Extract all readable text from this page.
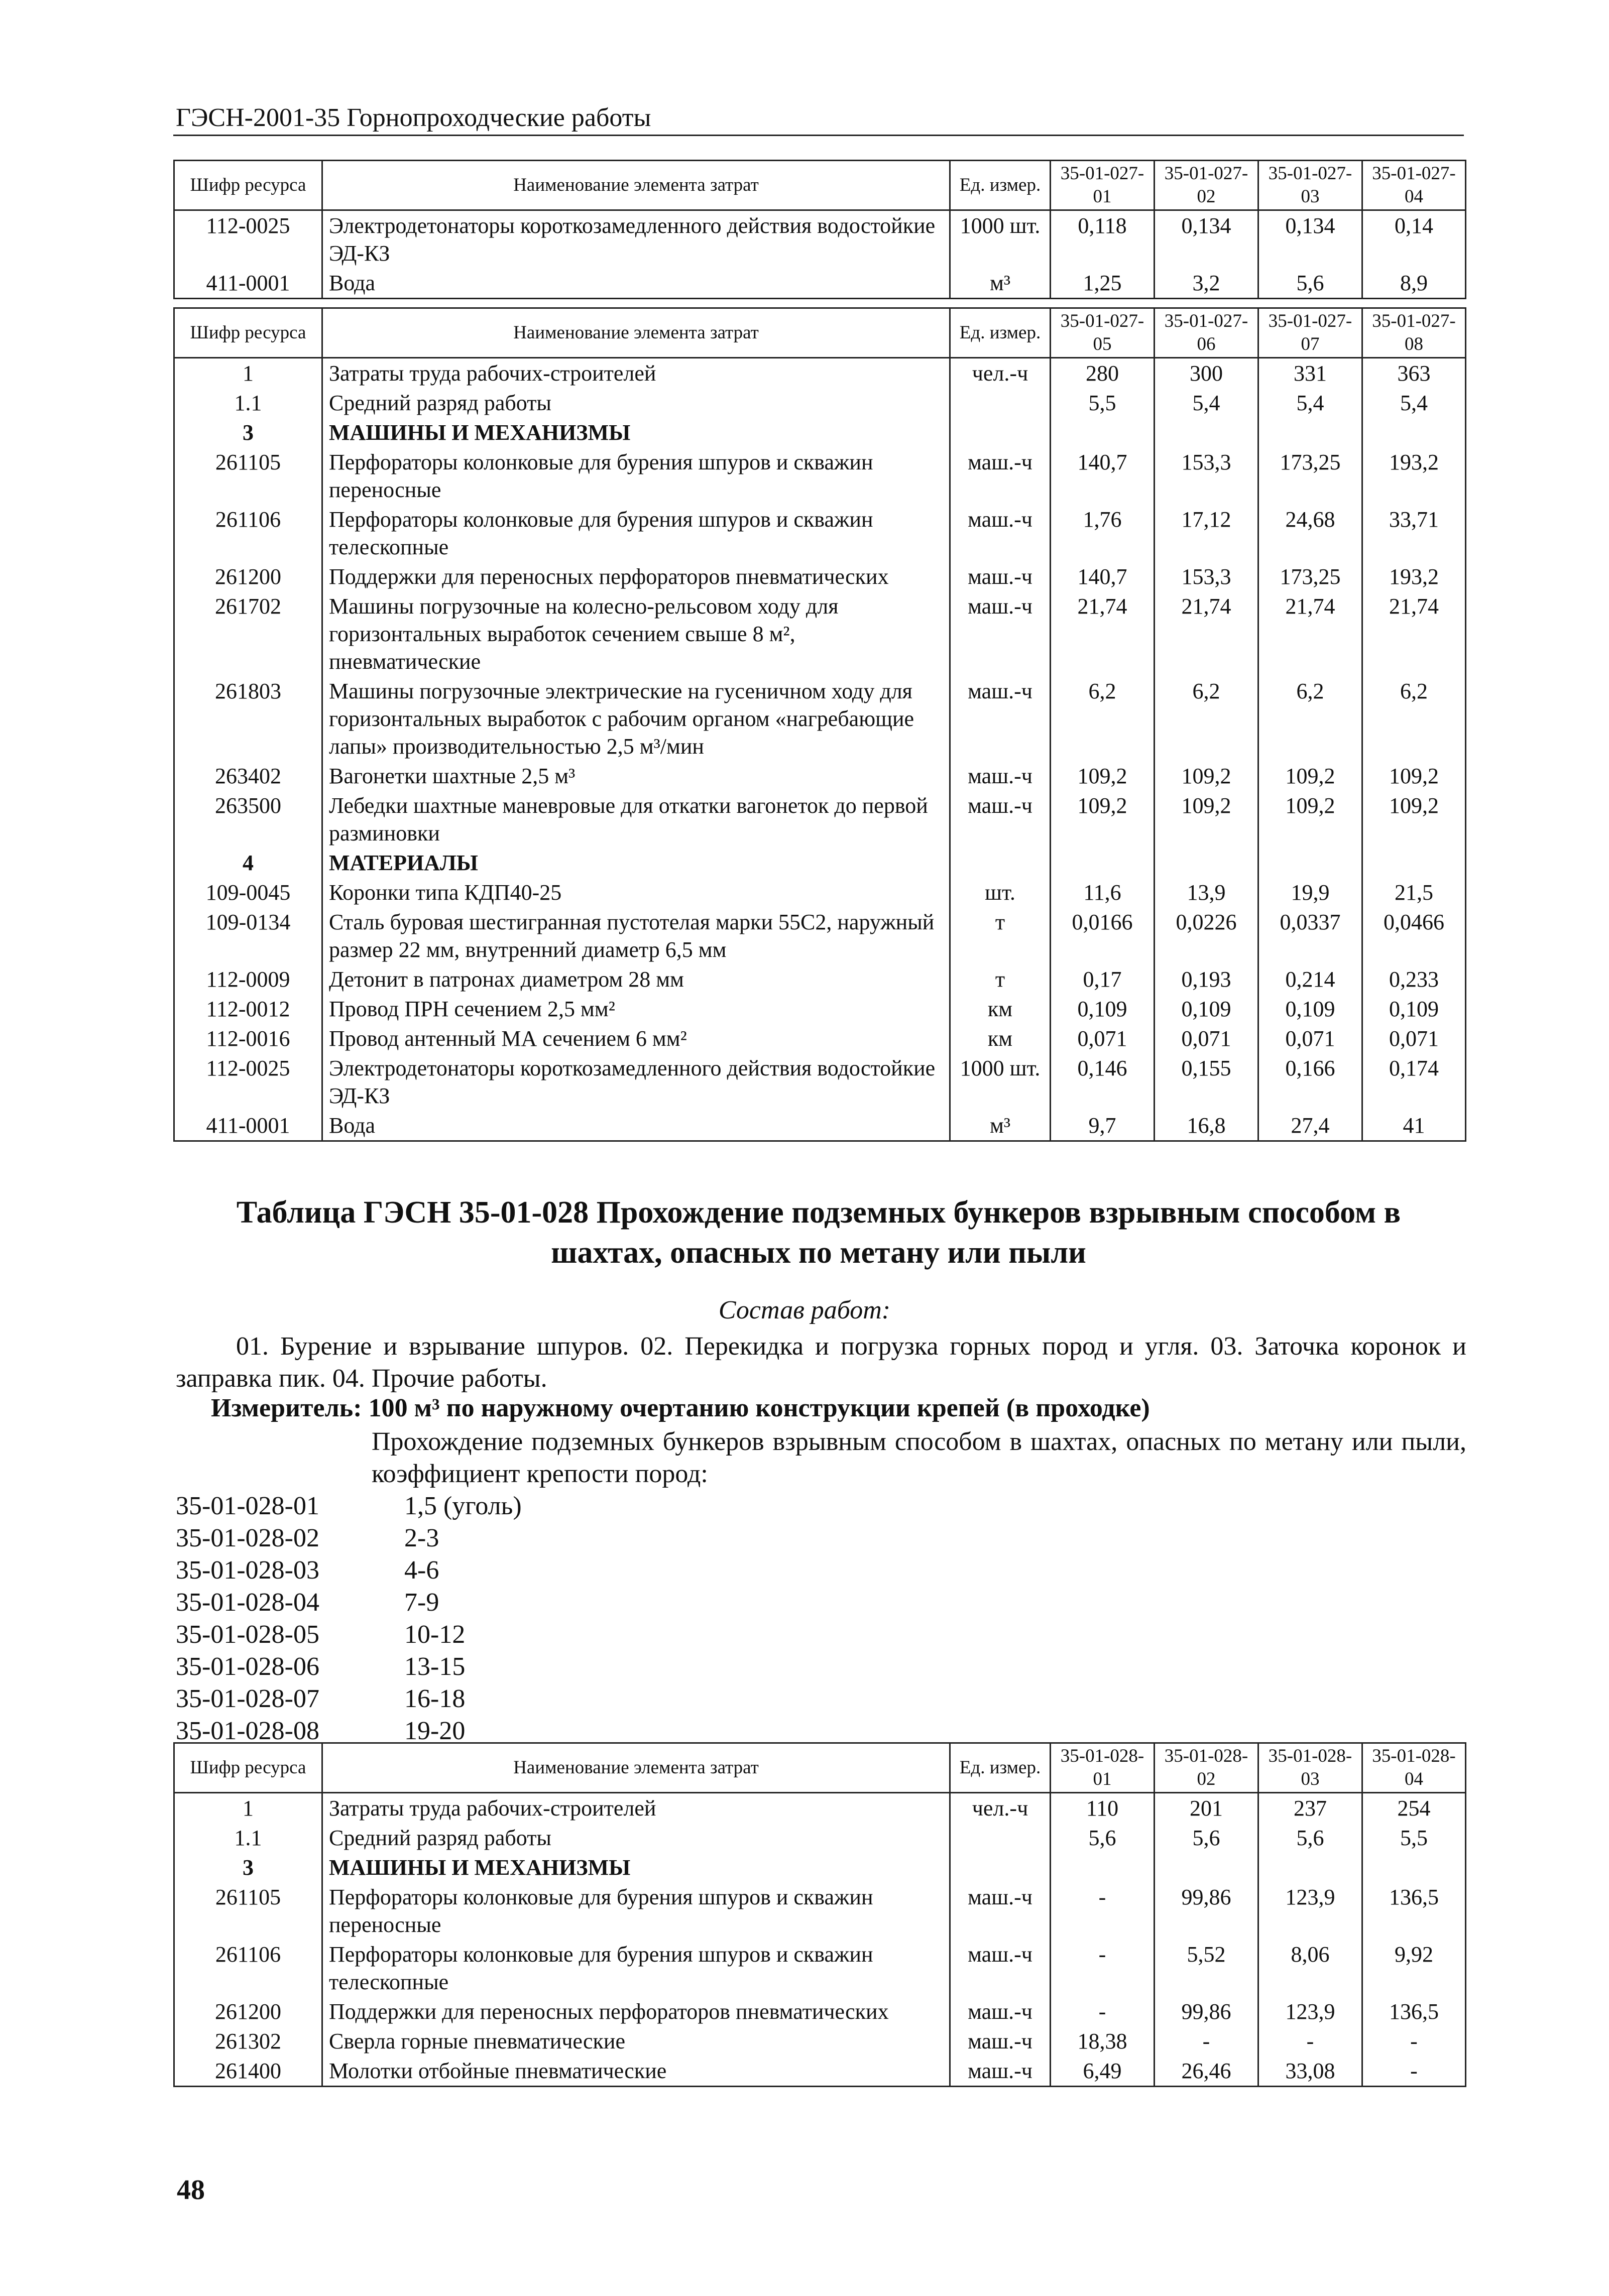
ГЭСН-2001-35 Горнопроходческие работы
Шифр ресурса	Наименование элемента затрат	Ед. измер.	35-01-027-01	35-01-027-02	35-01-027-03	35-01-027-04
112-0025	Электродетонаторы короткозамедленного действия водостойкие ЭД-КЗ	1000 шт.	0,118	0,134	0,134	0,14
411-0001	Вода	м³	1,25	3,2	5,6	8,9
Шифр ресурса	Наименование элемента затрат	Ед. измер.	35-01-027-05	35-01-027-06	35-01-027-07	35-01-027-08
1	Затраты труда рабочих-строителей	чел.-ч	280	300	331	363
1.1	Средний разряд работы		5,5	5,4	5,4	5,4
3	МАШИНЫ И МЕХАНИЗМЫ					
261105	Перфораторы колонковые для бурения шпуров и скважин переносные	маш.-ч	140,7	153,3	173,25	193,2
261106	Перфораторы колонковые для бурения шпуров и скважин телескопные	маш.-ч	1,76	17,12	24,68	33,71
261200	Поддержки для переносных перфораторов пневматических	маш.-ч	140,7	153,3	173,25	193,2
261702	Машины погрузочные на колесно-рельсовом ходу для горизонтальных выработок сечением свыше 8 м², пневматические	маш.-ч	21,74	21,74	21,74	21,74
261803	Машины погрузочные электрические на гусеничном ходу для горизонтальных выработок с рабочим органом «нагребающие лапы» производительностью 2,5 м³/мин	маш.-ч	6,2	6,2	6,2	6,2
263402	Вагонетки шахтные 2,5 м³	маш.-ч	109,2	109,2	109,2	109,2
263500	Лебедки шахтные маневровые для откатки вагонеток до первой разминовки	маш.-ч	109,2	109,2	109,2	109,2
4	МАТЕРИАЛЫ					
109-0045	Коронки типа КДП40-25	шт.	11,6	13,9	19,9	21,5
109-0134	Сталь буровая шестигранная пустотелая марки 55С2, наружный размер 22 мм, внутренний диаметр 6,5 мм	т	0,0166	0,0226	0,0337	0,0466
112-0009	Детонит в патронах диаметром 28 мм	т	0,17	0,193	0,214	0,233
112-0012	Провод ПРН сечением 2,5 мм²	км	0,109	0,109	0,109	0,109
112-0016	Провод антенный МА сечением 6 мм²	км	0,071	0,071	0,071	0,071
112-0025	Электродетонаторы короткозамедленного действия водостойкие ЭД-КЗ	1000 шт.	0,146	0,155	0,166	0,174
411-0001	Вода	м³	9,7	16,8	27,4	41
Таблица ГЭСН 35-01-028 Прохождение подземных бункеров взрывным способом в
шахтах, опасных по метану или пыли
Состав работ:
01. Бурение и взрывание шпуров. 02. Перекидка и погрузка горных пород и угля. 03. Заточка коронок и заправка пик. 04. Прочие работы.
Измеритель: 100 м³ по наружному очертанию конструкции крепей (в проходке)
Прохождение подземных бункеров взрывным способом в шахтах, опасных по метану или пыли, коэффициент крепости пород:
35-01-028-01	1,5 (уголь)
35-01-028-02	2-3
35-01-028-03	4-6
35-01-028-04	7-9
35-01-028-05	10-12
35-01-028-06	13-15
35-01-028-07	16-18
35-01-028-08	19-20
Шифр ресурса	Наименование элемента затрат	Ед. измер.	35-01-028-01	35-01-028-02	35-01-028-03	35-01-028-04
1	Затраты труда рабочих-строителей	чел.-ч	110	201	237	254
1.1	Средний разряд работы		5,6	5,6	5,6	5,5
3	МАШИНЫ И МЕХАНИЗМЫ					
261105	Перфораторы колонковые для бурения шпуров и скважин переносные	маш.-ч	-	99,86	123,9	136,5
261106	Перфораторы колонковые для бурения шпуров и скважин телескопные	маш.-ч	-	5,52	8,06	9,92
261200	Поддержки для переносных перфораторов пневматических	маш.-ч	-	99,86	123,9	136,5
261302	Сверла горные пневматические	маш.-ч	18,38	-	-	-
261400	Молотки отбойные пневматические	маш.-ч	6,49	26,46	33,08	-
48
